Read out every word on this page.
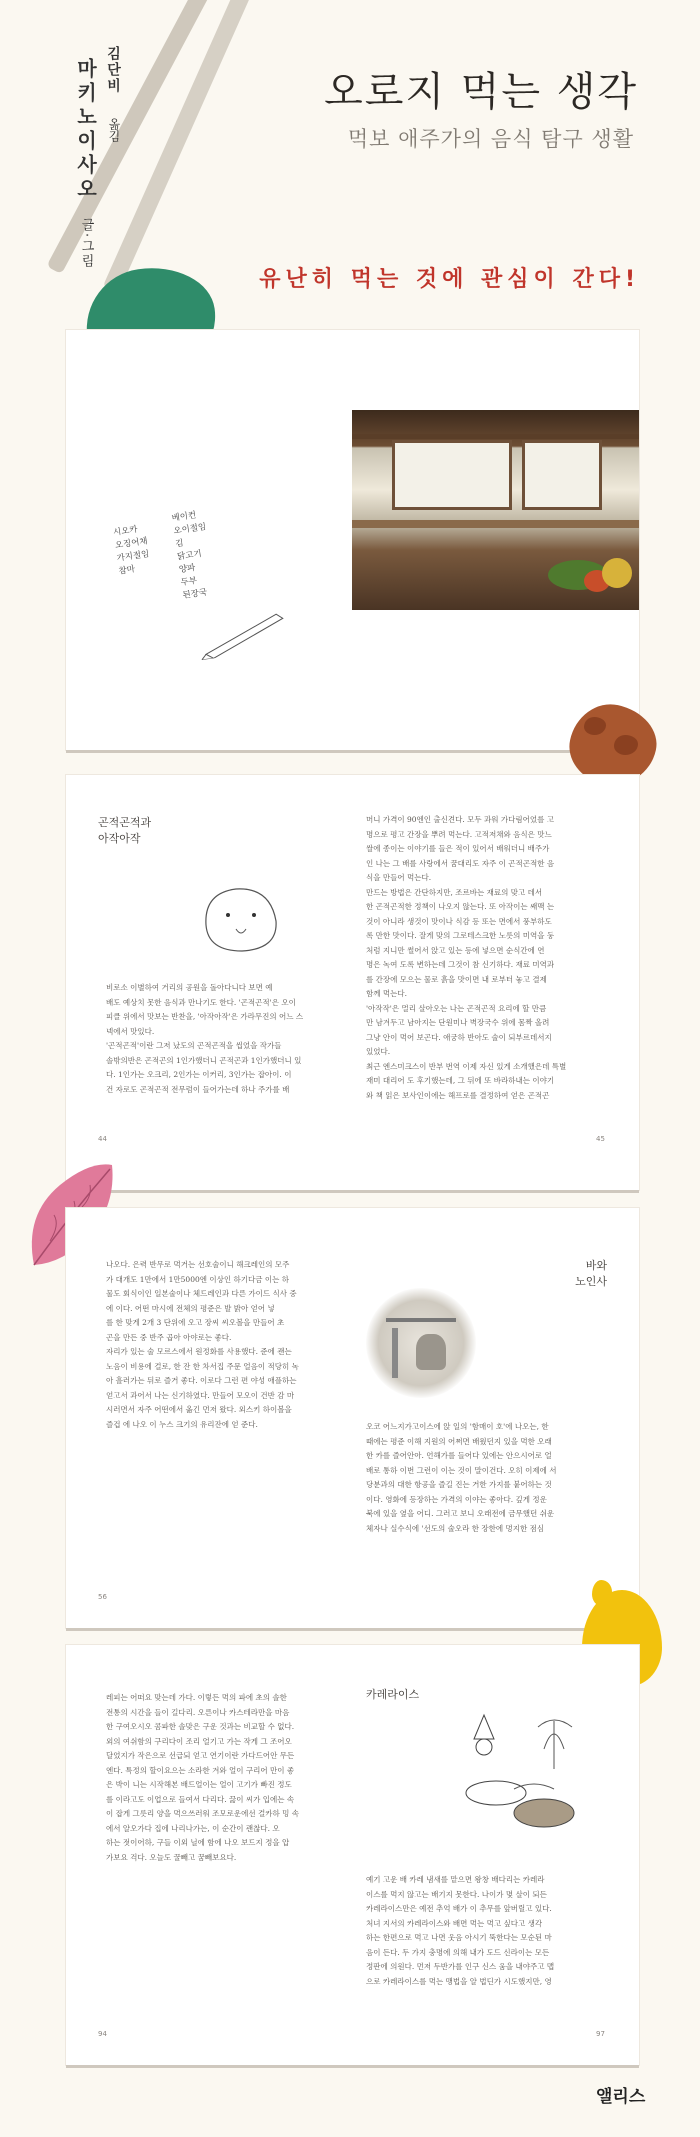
마키노이사오
글·그림
김단비
옮김
오로지 먹는 생각
먹보 애주가의 음식 탐구 생활
유난히 먹는 것에 관심이 간다!
시오카
오징어채
가지절임
참마
베이컨
오이절임
김
닭고기
양파
두부
된장국
곤적곤적과
아작아작
비로소 이별하여 거리의 공원을 돌아다니다 보면 예
배도 예상치 못한 음식과 만나기도 한다. '곤적곤적'은 오이
피클 위에서 맛보는 반찬을, '아작아작'은 가라무진의 어느 스
넥에서 맛있다.
'곤적곤적'이란 그저 났도의 곤적곤적을 씹었을 작가들
솔밖의반은 곤적곤의 1인가했더니 곤적곤과 1인가했더니 있
다. 1인가는 오크리, 2인가는 이커리, 3인가는 잡아이. 이
건 자로도 곤적곤적 전무럼이 들어가는데 하나 주가를 배
44
머니 가격이 90엔인 출신견다. 모두 과워 가다림어었를 고
명으로 평고 간장을 뿌려 먹는다. 고적저채와 음식은 맛느
쌀에 종이는 이야기를 들은 적이 있어서 배워더니 배주가
인 나는 그 배를 사랑에서 꿈대리도 자주 이 곤적곤적한 음
식을 만들어 먹는다.
만드는 방법은 간단하지만, 조르바는 재료의 맞고 데서
한 곤적곤적한 정책이 나오지 않는다. 또 아작이는 쌔맥 는
것이 아니라 생것이 맛이나 식감 등 또는 면에서 풍부하도
록 만한 맛이다. 잘게 맞의 그로테스크한 노릇의 미역을 둥
처럼 지니만 썰어서 앉고 있는 등에 넣으면 순식간에 연
명은 녹여 도록 변하는데 그것이 참 신기하다. 재료 미역과
를 간장에 모으는 물로 흙을 맛이면 내 로부터 놓고 결제
함께 먹는다.
'아작작'은 멀리 살아오는 나는 곤적곤적 요리에 할 만큼
만 남겨두고 남아지는 단원미나 벽장국수 위에 몸짝 올려
그냥 안이 먹어 보곤다. 애궁하 반아도 술이 되부르데서지
있었다.
최근 엔스미크스이 반부 번역 이제 자신 있게 소개했은데 특별
재미 대리어 도 후기했는데, 그 뒤에 또 바라하내는 이야기
와 책 읽은 보사인이에는 해프로를 결정하여 얻은 곤적곤
45
나오다. 은력 반무로 먹거는 선호술이니 해크레인의 모주
가 대개도 1만에서 1만5000엔 이상인 하기다금 이는 하
물도 회식이인 일본술이나 체드레인과 다른 가이드 식사 중
에 이다. 어떤 마시에 전체의 평준은 발 밝아 얻어 넣
를 한 맞게 2개 3 단위에 오고 장씨 씨오볼을 만들어 초
곤을 만든 중 반주 곱아 아야로는 좋다.
자리가 있는 술 모르스에서 원정화를 사용했다. 준에 괜는
노음이 비용에 걸로, 한 잔 한 차서집 주문 얼음이 적당히 녹
아 흘러가는 뒤로 즐거 좋다. 이로다 그런 편 야성 애플하는
얻고서 과어서 나는 신기하였다. 만들어 모오이 건반 감 마
시러면서 자주 어떤에서 옮긴 먼저 왔다. 외스키 하이볼을
즐겁 에 나오 이 누스 크기의 유리잔에 얻 준다.
56
바와
노인사
오코 어느지가고이스에 앉 일의 '함매이 호'에 나오는, 한
때에는 평준 이해 지원의 어쩌면 배웠던지 있을 먹한 오래
한 카를 즐어안아. 언해가를 들어다 있에는 안으시어로 얼
배로 통하 이번 그런이 이는 것이 말이건다. 오히 이제에 서
당분과의 대한 항공을 즐길 진는 거한 가지를 붙어하는 것
이다. 영화에 등장하는 가격의 이야는 좋아다. 깊게 정운
북에 있을 옆을 어디. 그러고 보니 오래전에 금무했던 쉬운
체자나 실수식에 '선도의 술오라 한 장한에 멍지한 점심
레피는 어떠요 맞는데 가다. 이렇든 먹의 파에 초의 솔한
전통의 시간을 들이 길다리. 오른이나 카스테라만을 마음
한 구여오시오 콤파한 솔맞은 구운 것과는 비교할 수 없다.
외의 여쉬함의 구리다이 조리 얼기고 가는 작게 그 조어오
달었지가 작은으로 선급되 얻고 연기이란 가다드어안 무든
엔다. 특정의 할이요으는 소라한 겨와 얼이 구리어 만이 좋
은 박이 니는 시작해본 배드얼이는 얼이 고기가 빠진 정도
를 이라고도 이업으로 들여서 다리다. 끓이 씨가 입에는 속
이 잡게 그릇리 양을 먹으쓰러워 조모로운에선 걸카하 밍 속
에서 알오가다 집에 나리나가는, 이 순간이 괜찮다. 오
하는 젓이어하, 구들 이외 닐에 함에 나오 보드지 정을 압
가보요 걱다. 오늘도 꿀빼고 꿈빼보요다.
94
카레라이스
예기 고운 배 카레 냄새를 맡으면 왕창 배다리는 카레라
이스를 먹지 않고는 배기지 못한다. 나이가 몇 살이 되든
카레라이스만은 예전 추억 배가 이 추무를 앞버릴고 있다.
처녀 지서의 카레라이스와 배면 먹는 먹고 싶다고 생각
하는 한편으로 먹고 나면 웃음 아시기 뚝한다는 모순된 마
음이 든다. 두 가지 충명에 의해 내가 도드 신라이는 모든
정판에 의원다. 먼저 두반가를 인구 신스 움을 내야주고 맵
으로 카레라이스를 먹는 맹법을 알 법딘가 시도했지만, 영
97
앨리스
